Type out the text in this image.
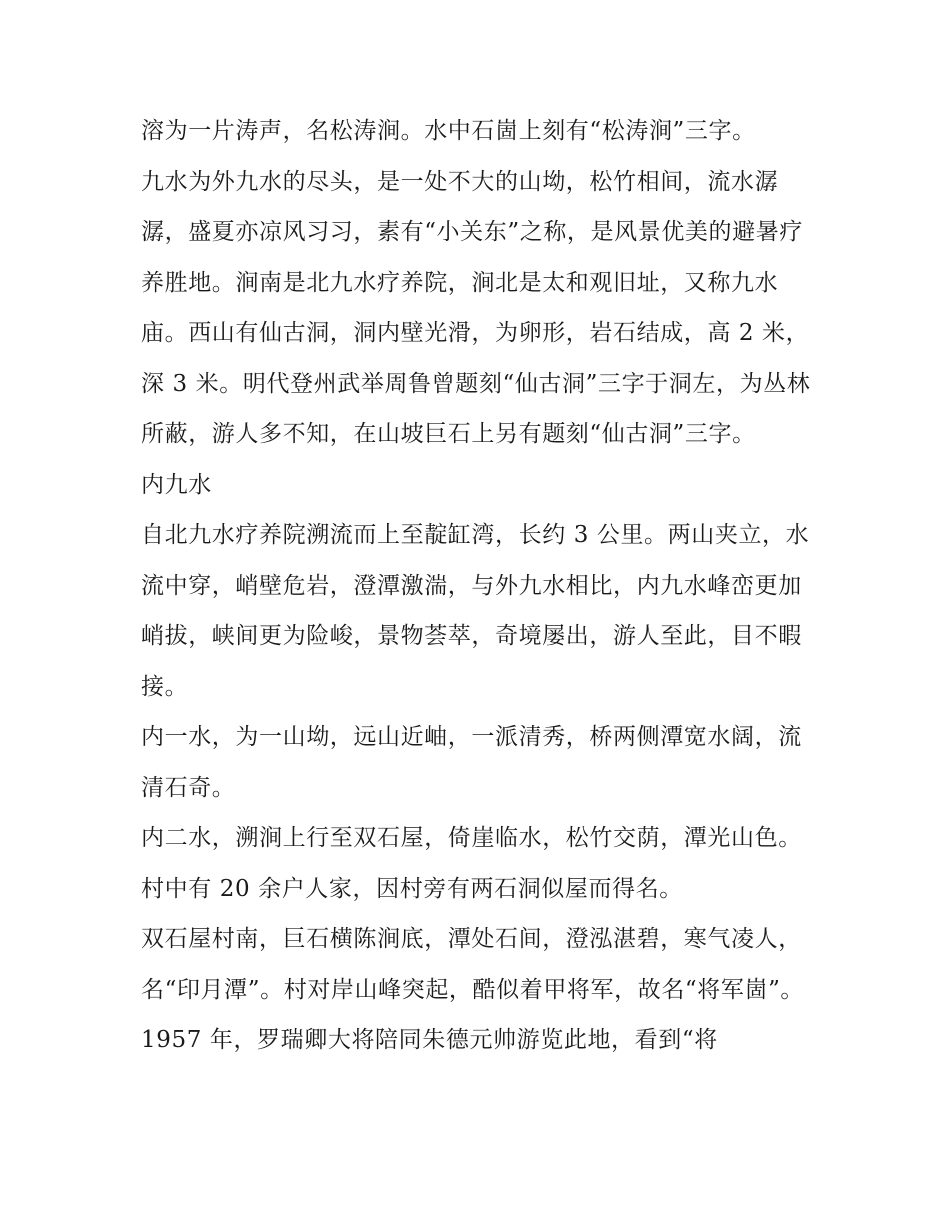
溶为一片涛声，名松涛涧。水中石崮上刻有“松涛涧”三字。

九水为外九水的尽头，是一处不大的山坳，松竹相间，流水潺潺，盛夏亦凉风习习，素有“小关东”之称，是风景优美的避暑疗养胜地。涧南是北九水疗养院，涧北是太和观旧址，又称九水庙。西山有仙古洞，洞内壁光滑，为卵形，岩石结成，高 2 米，深 3 米。明代登州武举周鲁曾题刻“仙古洞”三字于洞左，为丛林所蔽，游人多不知，在山坡巨石上另有题刻“仙古洞”三字。

内九水

自北九水疗养院溯流而上至靛缸湾，长约 3 公里。两山夹立，水流中穿，峭壁危岩，澄潭激湍，与外九水相比，内九水峰峦更加峭拔，峡间更为险峻，景物荟萃，奇境屡出，游人至此，目不暇接。

内一水，为一山坳，远山近岫，一派清秀，桥两侧潭宽水阔，流清石奇。

内二水，溯涧上行至双石屋，倚崖临水，松竹交荫，潭光山色。村中有 20 余户人家，因村旁有两石洞似屋而得名。

双石屋村南，巨石横陈涧底，潭处石间，澄泓湛碧，寒气凌人，名“印月潭”。村对岸山峰突起，酷似着甲将军，故名“将军崮”。1957 年，罗瑞卿大将陪同朱德元帅游览此地，看到“将
